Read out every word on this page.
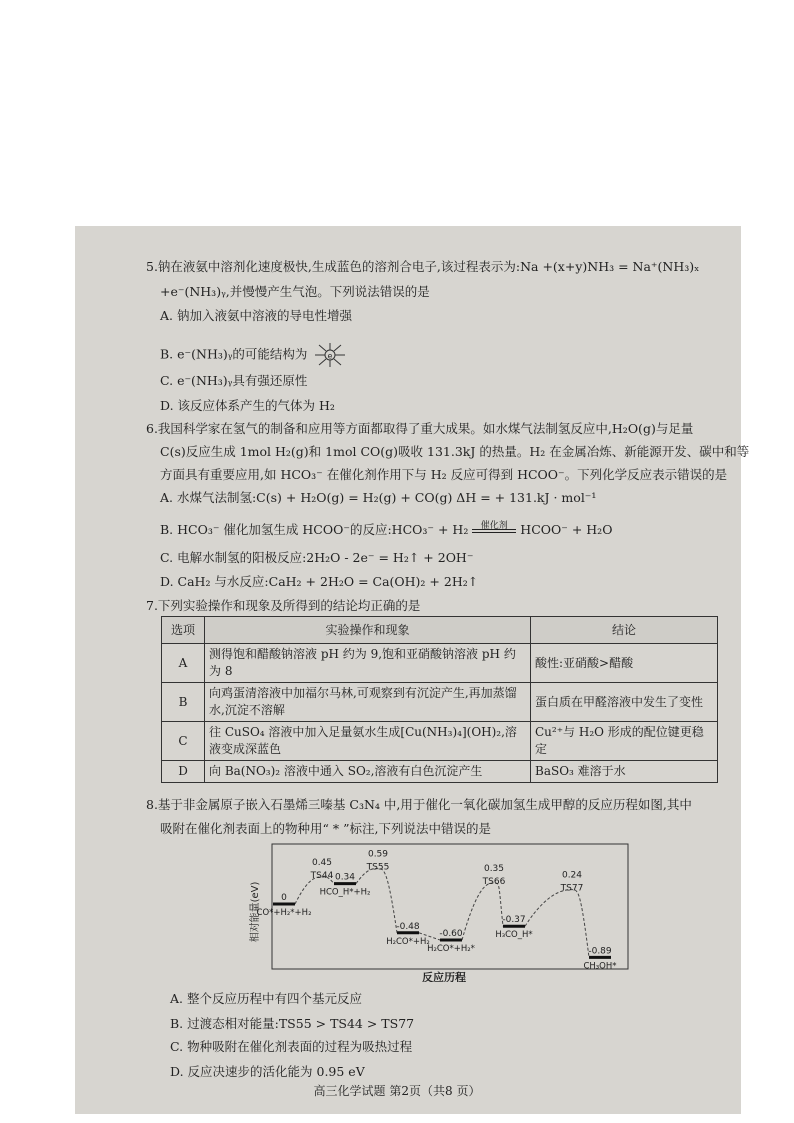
5.钠在液氨中溶剂化速度极快,生成蓝色的溶剂合电子,该过程表示为:Na +(x+y)NH₃ = Na⁺(NH₃)ₓ
+e⁻(NH₃)ᵧ,并慢慢产生气泡。下列说法错误的是
A. 钠加入液氨中溶液的导电性增强
B. e⁻(NH₃)ᵧ的可能结构为	e
C. e⁻(NH₃)ᵧ具有强还原性
D. 该反应体系产生的气体为 H₂
6.我国科学家在氢气的制备和应用等方面都取得了重大成果。如水煤气法制氢反应中,H₂O(g)与足量
C(s)反应生成 1mol H₂(g)和 1mol CO(g)吸收 131.3kJ 的热量。H₂ 在金属冶炼、新能源开发、碳中和等
方面具有重要应用,如 HCO₃⁻ 在催化剂作用下与 H₂ 反应可得到 HCOO⁻。下列化学反应表示错误的是
A. 水煤气法制氢:C(s) + H₂O(g) = H₂(g) + CO(g) ΔH = + 131.kJ · mol⁻¹
B. HCO₃⁻ 催化加氢生成 HCOO⁻的反应:HCO₃⁻ + H₂	催化剂 HCOO⁻ + H₂O
C. 电解水制氢的阳极反应:2H₂O - 2e⁻ = H₂↑ + 2OH⁻
D. CaH₂ 与水反应:CaH₂ + 2H₂O = Ca(OH)₂ + 2H₂↑
7.下列实验操作和现象及所得到的结论均正确的是
选项	实验操作和现象	结论
A	测得饱和醋酸钠溶液 pH 约为 9,饱和亚硝酸钠溶液 pH 约为 8	酸性:亚硝酸>醋酸
B	向鸡蛋清溶液中加福尔马林,可观察到有沉淀产生,再加蒸馏水,沉淀不溶解	蛋白质在甲醛溶液中发生了变性
C	往 CuSO₄ 溶液中加入足量氨水生成[Cu(NH₃)₄](OH)₂,溶液变成深蓝色	Cu²⁺与 H₂O 形成的配位键更稳定
D	向 Ba(NO₃)₂ 溶液中通入 SO₂,溶液有白色沉淀产生	BaSO₃ 难溶于水
8.基于非金属原子嵌入石墨烯三嗪基 C₃N₄ 中,用于催化一氧化碳加氢生成甲醇的反应历程如图,其中
吸附在催化剂表面上的物种用“ * ”标注,下列说法中错误的是
相对能量(eV)
反应历程
0
CO*+H₂*+H₂
0.34
HCO_H*+H₂
-0.48
H₂CO*+H₂
-0.60
H₂CO*+H₂*
-0.37
H₃CO_H*
-0.89
CH₃OH*
0.45
TS44
0.59
TS55	0.35
TS66
0.24
TS77
A. 整个反应历程中有四个基元反应
B. 过渡态相对能量:TS55 > TS44 > TS77
C. 物种吸附在催化剂表面的过程为吸热过程
D. 反应决速步的活化能为 0.95 eV
高三化学试题 第2页（共8 页）
